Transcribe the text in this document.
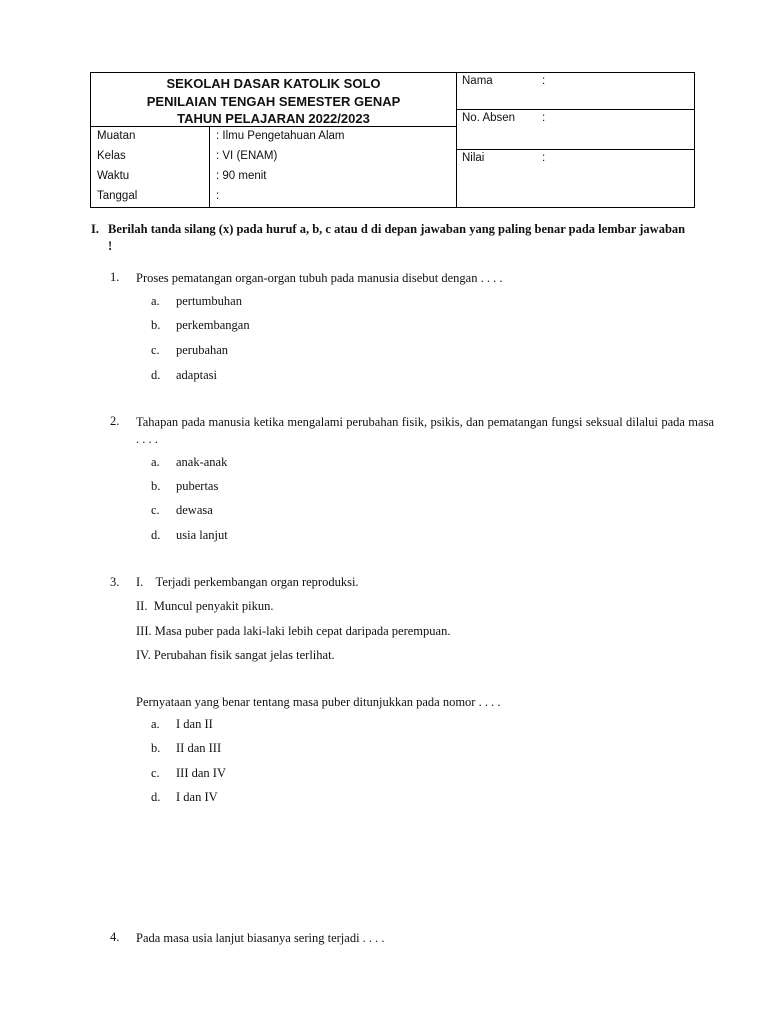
SEKOLAH DASAR KATOLIK SOLO
PENILAIAN TENGAH SEMESTER GENAP
TAHUN PELAJARAN 2022/2023
Muatan	: Ilmu Pengetahuan Alam
Kelas	: VI (ENAM)
Waktu	: 90 menit
Tanggal	:
Nama	:
No. Absen :
Nilai	:
I. Berilah tanda silang (x) pada huruf a, b, c atau d di depan jawaban yang paling benar pada lembar jawaban !
1. Proses pematangan organ-organ tubuh pada manusia disebut dengan . . . .
a. pertumbuhan
b. perkembangan
c. perubahan
d. adaptasi
2. Tahapan pada manusia ketika mengalami perubahan fisik, psikis, dan pematangan fungsi seksual dilalui pada masa . . . .
a. anak-anak
b. pubertas
c. dewasa
d. usia lanjut
3. I.    Terjadi perkembangan organ reproduksi.
II.  Muncul penyakit pikun.
III. Masa puber pada laki-laki lebih cepat daripada perempuan.
IV. Perubahan fisik sangat jelas terlihat.
Pernyataan yang benar tentang masa puber ditunjukkan pada nomor . . . .
a. I dan II
b. II dan III
c. III dan IV
d. I dan IV
4. Pada masa usia lanjut biasanya sering terjadi . . . .
